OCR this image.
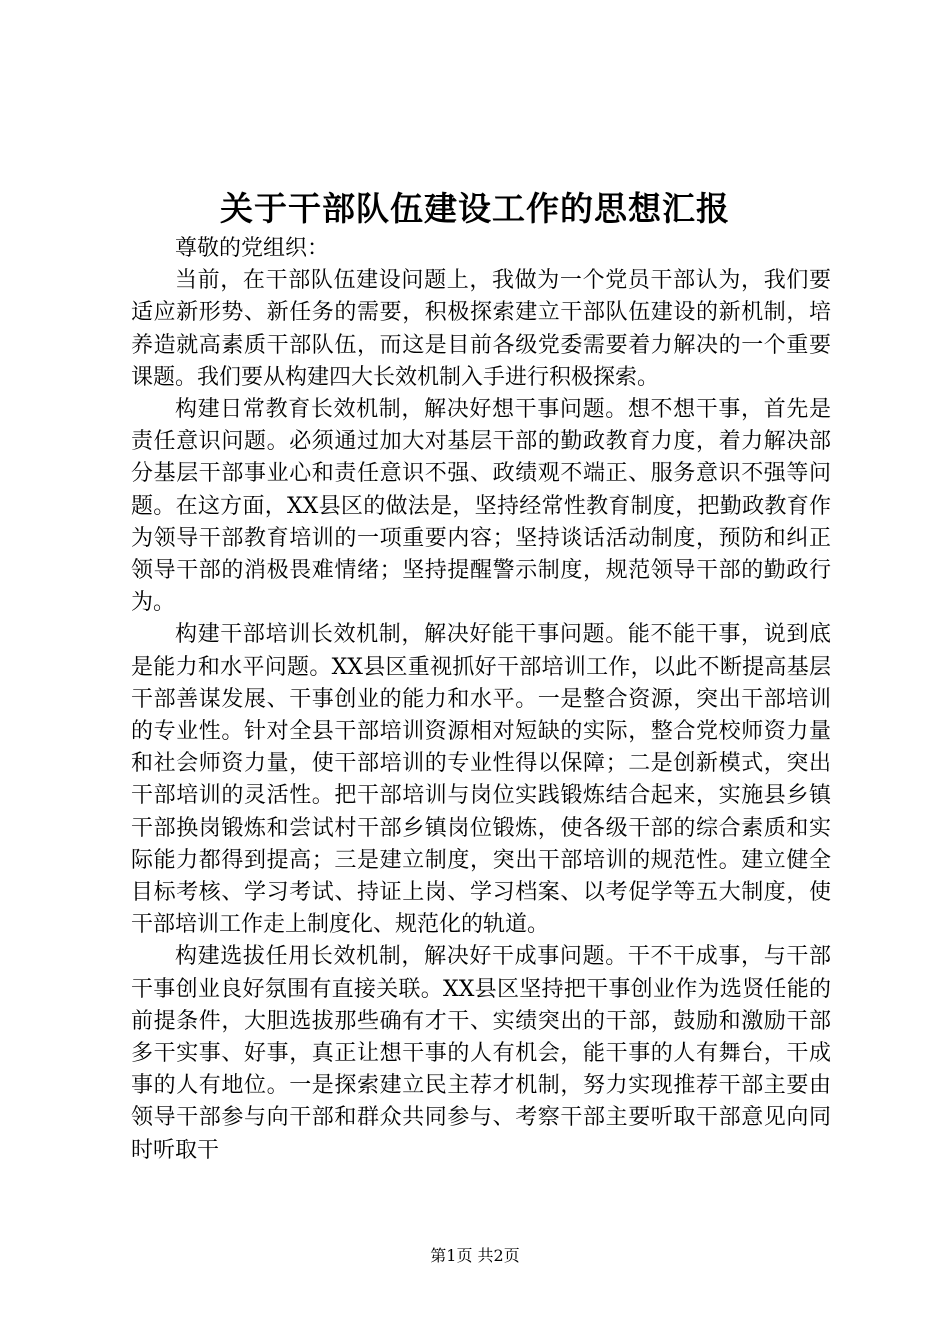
关于干部队伍建设工作的思想汇报

尊敬的党组织：

当前，在干部队伍建设问题上，我做为一个党员干部认为，我们要适应新形势、新任务的需要，积极探索建立干部队伍建设的新机制，培养造就高素质干部队伍，而这是目前各级党委需要着力解决的一个重要课题。我们要从构建四大长效机制入手进行积极探索。

构建日常教育长效机制，解决好想干事问题。想不想干事，首先是责任意识问题。必须通过加大对基层干部的勤政教育力度，着力解决部分基层干部事业心和责任意识不强、政绩观不端正、服务意识不强等问题。在这方面，XX县区的做法是，坚持经常性教育制度，把勤政教育作为领导干部教育培训的一项重要内容；坚持谈话活动制度，预防和纠正领导干部的消极畏难情绪；坚持提醒警示制度，规范领导干部的勤政行为。

构建干部培训长效机制，解决好能干事问题。能不能干事，说到底是能力和水平问题。XX县区重视抓好干部培训工作，以此不断提高基层干部善谋发展、干事创业的能力和水平。一是整合资源，突出干部培训的专业性。针对全县干部培训资源相对短缺的实际，整合党校师资力量和社会师资力量，使干部培训的专业性得以保障；二是创新模式，突出干部培训的灵活性。把干部培训与岗位实践锻炼结合起来，实施县乡镇干部换岗锻炼和尝试村干部乡镇岗位锻炼，使各级干部的综合素质和实际能力都得到提高；三是建立制度，突出干部培训的规范性。建立健全目标考核、学习考试、持证上岗、学习档案、以考促学等五大制度，使干部培训工作走上制度化、规范化的轨道。

构建选拔任用长效机制，解决好干成事问题。干不干成事，与干部干事创业良好氛围有直接关联。XX县区坚持把干事创业作为选贤任能的前提条件，大胆选拔那些确有才干、实绩突出的干部，鼓励和激励干部多干实事、好事，真正让想干事的人有机会，能干事的人有舞台，干成事的人有地位。一是探索建立民主荐才机制，努力实现推荐干部主要由领导干部参与向干部和群众共同参与、考察干部主要听取干部意见向同时听取干

第1页 共2页
